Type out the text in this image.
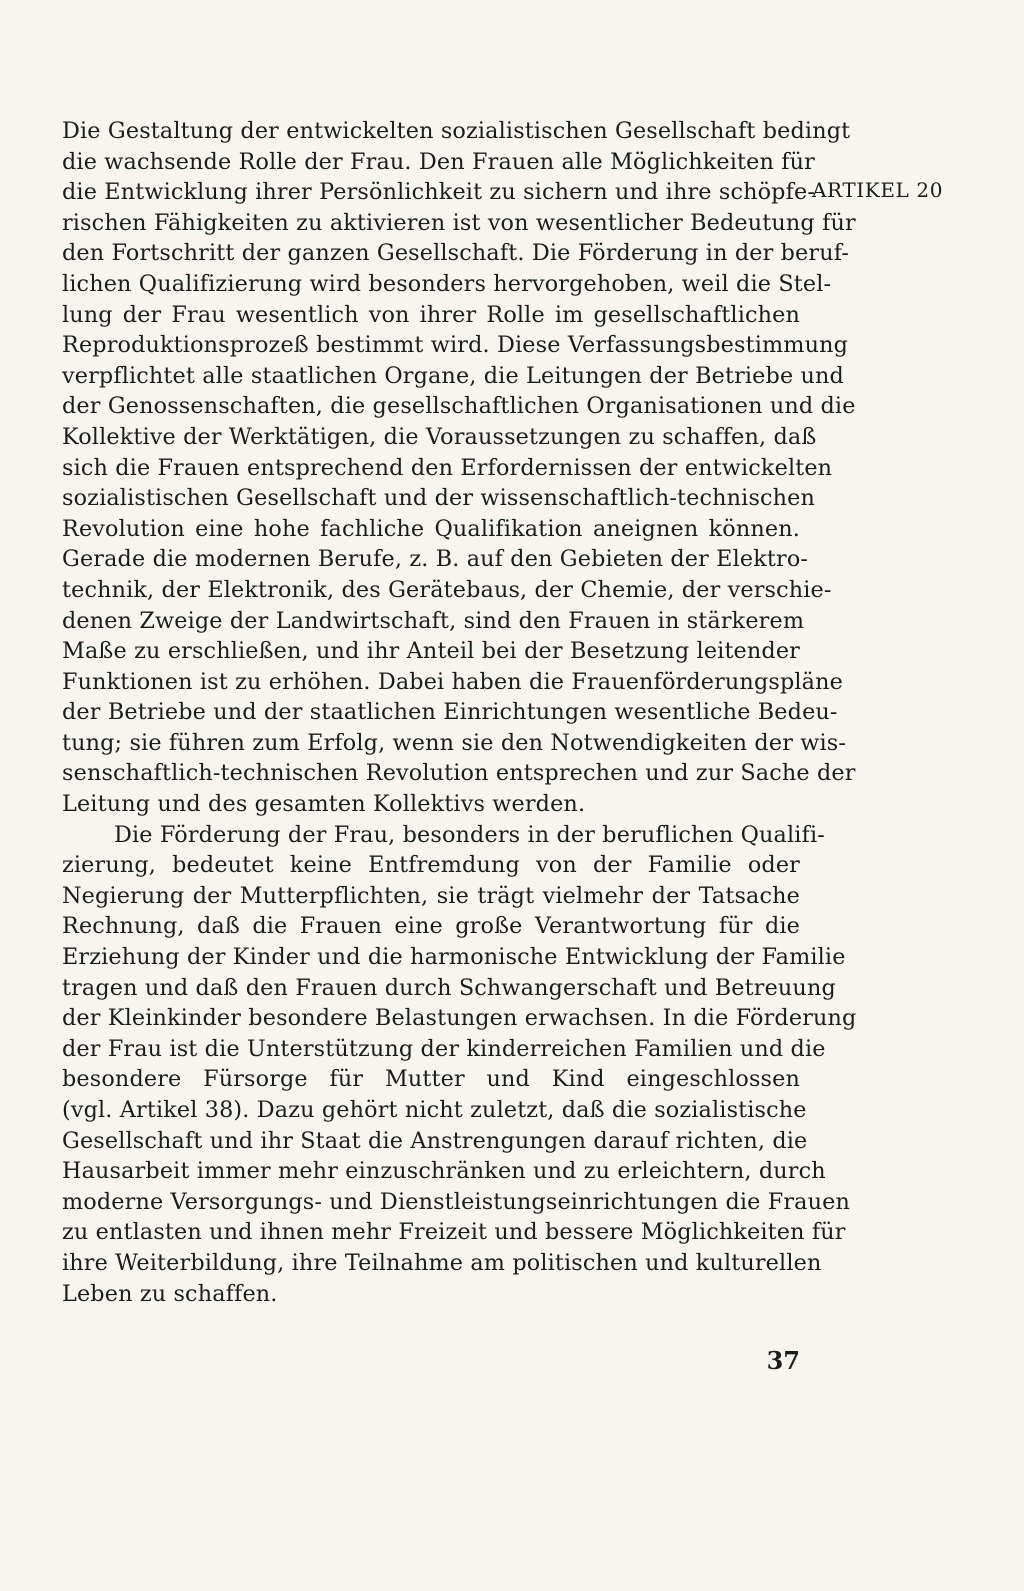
Die Gestaltung der entwickelten sozialistischen Gesellschaft bedingt
die wachsende Rolle der Frau. Den Frauen alle Möglichkeiten für
die Entwicklung ihrer Persönlichkeit zu sichern und ihre schöpfe-
rischen Fähigkeiten zu aktivieren ist von wesentlicher Bedeutung für
den Fortschritt der ganzen Gesellschaft. Die Förderung in der beruf-
lichen Qualifizierung wird besonders hervorgehoben, weil die Stel-
lung der Frau wesentlich von ihrer Rolle im gesellschaftlichen
Reproduktionsprozeß bestimmt wird. Diese Verfassungsbestimmung
verpflichtet alle staatlichen Organe, die Leitungen der Betriebe und
der Genossenschaften, die gesellschaftlichen Organisationen und die
Kollektive der Werktätigen, die Voraussetzungen zu schaffen, daß
sich die Frauen entsprechend den Erfordernissen der entwickelten
sozialistischen Gesellschaft und der wissenschaftlich-technischen
Revolution eine hohe fachliche Qualifikation aneignen können.
Gerade die modernen Berufe, z. B. auf den Gebieten der Elektro-
technik, der Elektronik, des Gerätebaus, der Chemie, der verschie-
denen Zweige der Landwirtschaft, sind den Frauen in stärkerem
Maße zu erschließen, und ihr Anteil bei der Besetzung leitender
Funktionen ist zu erhöhen. Dabei haben die Frauenförderungspläne
der Betriebe und der staatlichen Einrichtungen wesentliche Bedeu-
tung; sie führen zum Erfolg, wenn sie den Notwendigkeiten der wis-
senschaftlich-technischen Revolution entsprechen und zur Sache der
Leitung und des gesamten Kollektivs werden.

Die Förderung der Frau, besonders in der beruflichen Qualifi-
zierung, bedeutet keine Entfremdung von der Familie oder
Negierung der Mutterpflichten, sie trägt vielmehr der Tatsache
Rechnung, daß die Frauen eine große Verantwortung für die
Erziehung der Kinder und die harmonische Entwicklung der Familie
tragen und daß den Frauen durch Schwangerschaft und Betreuung
der Kleinkinder besondere Belastungen erwachsen. In die Förderung
der Frau ist die Unterstützung der kinderreichen Familien und die
besondere Fürsorge für Mutter und Kind eingeschlossen
(vgl. Artikel 38). Dazu gehört nicht zuletzt, daß die sozialistische
Gesellschaft und ihr Staat die Anstrengungen darauf richten, die
Hausarbeit immer mehr einzuschränken und zu erleichtern, durch
moderne Versorgungs- und Dienstleistungseinrichtungen die Frauen
zu entlasten und ihnen mehr Freizeit und bessere Möglichkeiten für
ihre Weiterbildung, ihre Teilnahme am politischen und kulturellen
Leben zu schaffen.

ARTIKEL 20
37
